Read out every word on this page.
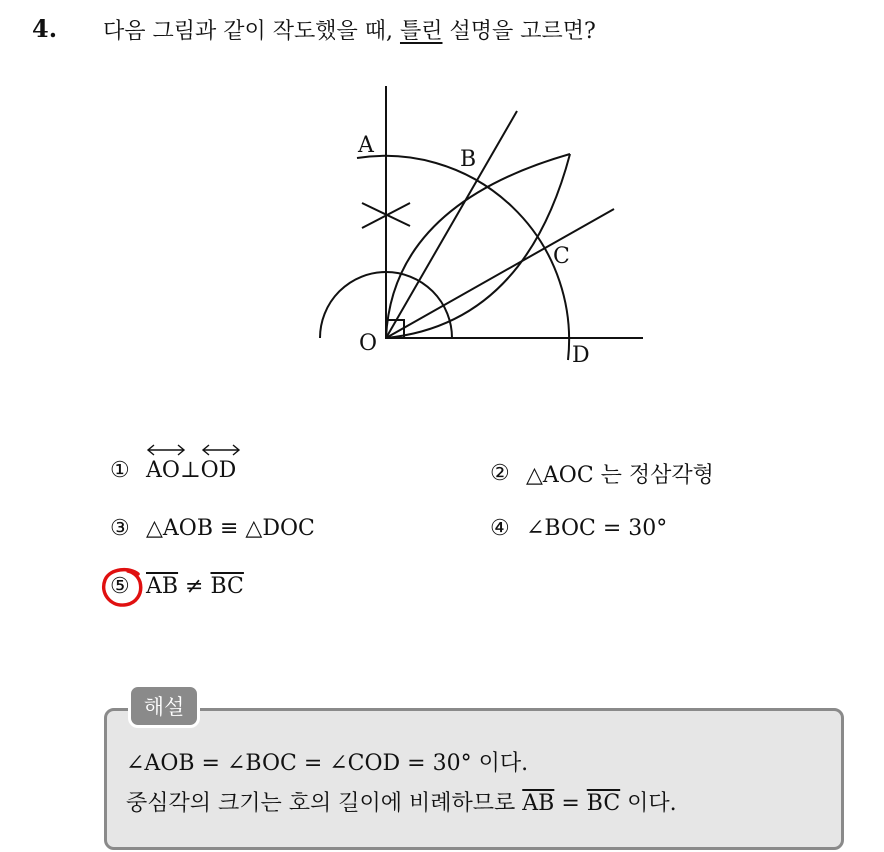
4. 다음 그림과 같이 작도했을 때, 틀린 설명을 고르면?
A
B
C
D
O
① AO ⊥ OD	② △AOC 는 정삼각형
③ △AOB ≡ △DOC	④ ∠BOC = 30°
⑤ $\overline{AB} \ne \overline{BC}$
해설
∠AOB = ∠BOC = ∠COD = 30° 이다.
중심각의 크기는 호의 길이에 비례하므로 $\overline{AB} = \overline{BC}$ 이다.
